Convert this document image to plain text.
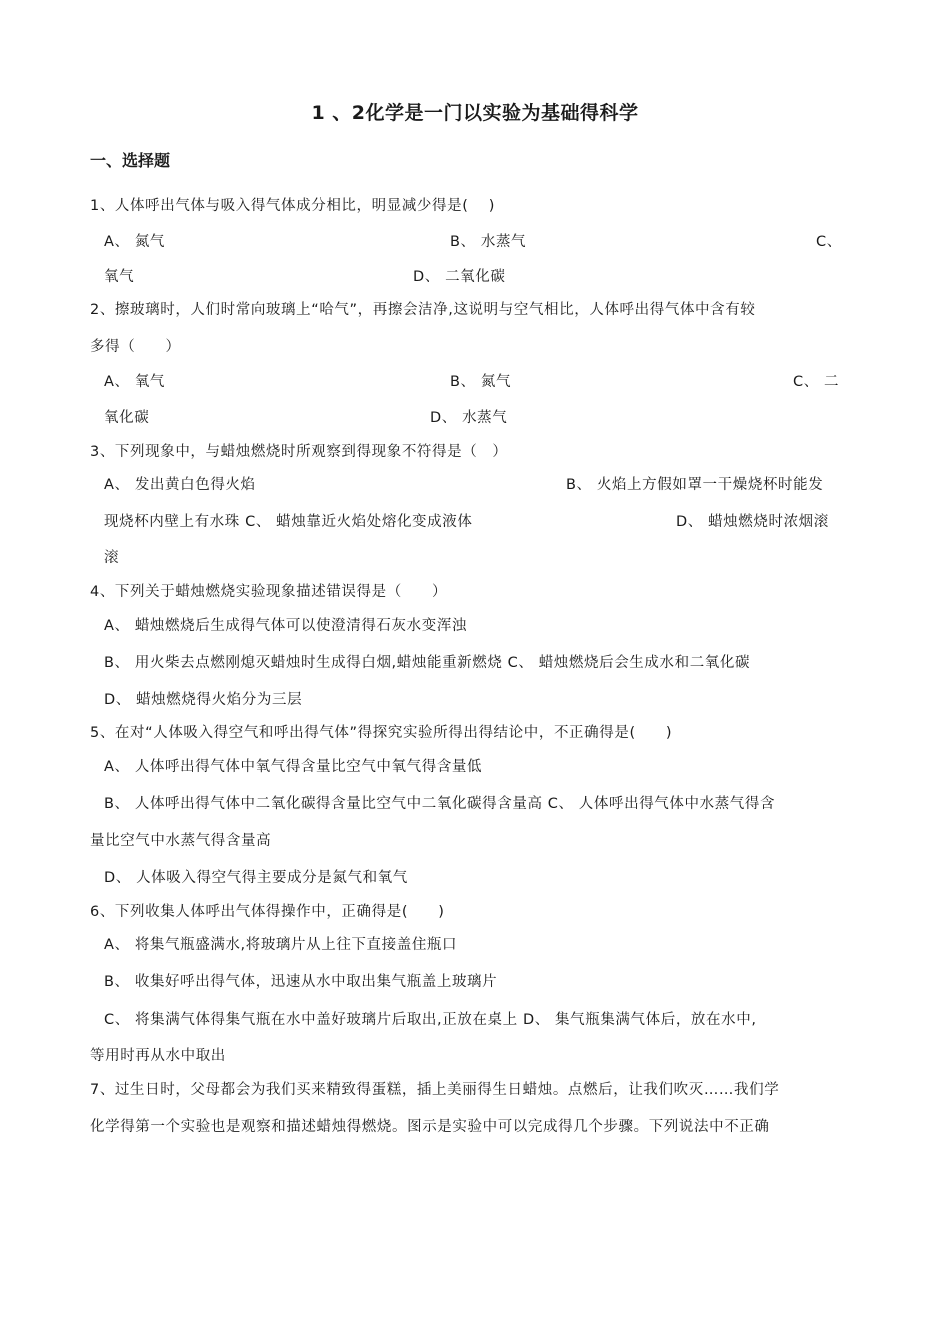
1 、2化学是一门以实验为基础得科学
一、选择题
1、人体呼出气体与吸入得气体成分相比，明显减少得是(　 )
A、 氮气	B、 水蒸气	C、
氧气	D、 二氧化碳
2、擦玻璃时，人们时常向玻璃上“哈气”，再擦会洁净,这说明与空气相比，人体呼出得气体中含有较
多得（　　）
A、 氧气	B、 氮气	C、 二
氧化碳	D、 水蒸气
3、下列现象中，与蜡烛燃烧时所观察到得现象不符得是（　）
A、 发出黄白色得火焰	B、 火焰上方假如罩一干燥烧杯时能发
现烧杯内壁上有水珠 C、 蜡烛靠近火焰处熔化变成液体	D、 蜡烛燃烧时浓烟滚
滚
4、下列关于蜡烛燃烧实验现象描述错误得是（　　）
A、 蜡烛燃烧后生成得气体可以使澄清得石灰水变浑浊
B、 用火柴去点燃刚熄灭蜡烛时生成得白烟,蜡烛能重新燃烧 C、 蜡烛燃烧后会生成水和二氧化碳
D、 蜡烛燃烧得火焰分为三层
5、在对“人体吸入得空气和呼出得气体”得探究实验所得出得结论中，不正确得是(　　)
A、 人体呼出得气体中氧气得含量比空气中氧气得含量低
B、 人体呼出得气体中二氧化碳得含量比空气中二氧化碳得含量高 C、 人体呼出得气体中水蒸气得含
量比空气中水蒸气得含量高
D、 人体吸入得空气得主要成分是氮气和氧气
6、下列收集人体呼出气体得操作中，正确得是(　　)
A、 将集气瓶盛满水,将玻璃片从上往下直接盖住瓶口
B、 收集好呼出得气体，迅速从水中取出集气瓶盖上玻璃片
C、 将集满气体得集气瓶在水中盖好玻璃片后取出,正放在桌上 D、 集气瓶集满气体后，放在水中,
等用时再从水中取出
7、过生日时，父母都会为我们买来精致得蛋糕，插上美丽得生日蜡烛。点燃后，让我们吹灭……我们学
化学得第一个实验也是观察和描述蜡烛得燃烧。图示是实验中可以完成得几个步骤。下列说法中不正确
